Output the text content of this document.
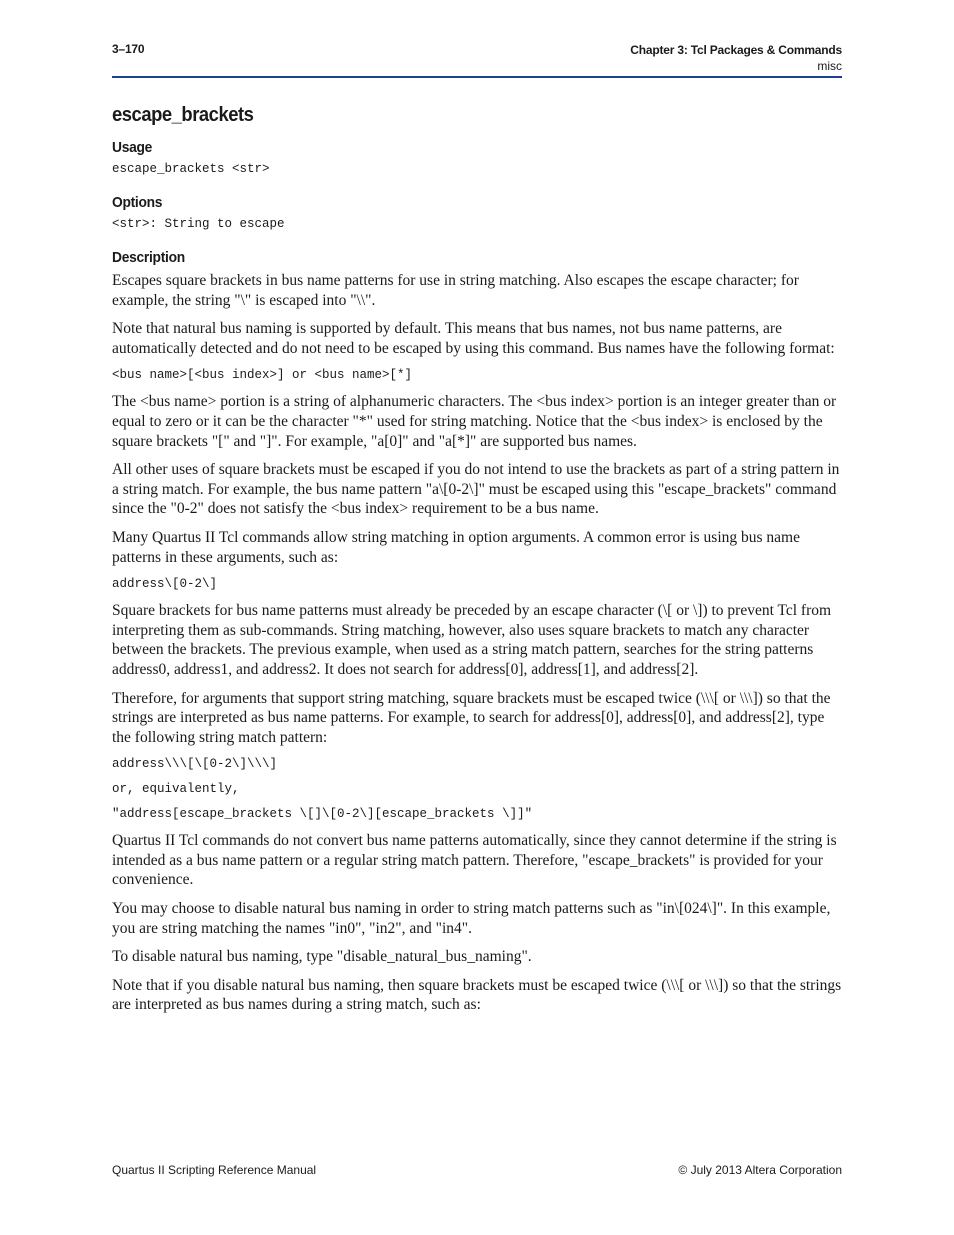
3–170	Chapter 3: Tcl Packages & Commands
misc
escape_brackets
Usage
escape_brackets <str>
Options
<str>: String to escape
Description

Escapes square brackets in bus name patterns for use in string matching. Also escapes the escape character; for example, the string "\" is escaped into "\\".

Note that natural bus naming is supported by default. This means that bus names, not bus name patterns, are automatically detected and do not need to be escaped by using this command. Bus names have the following format:

<bus name>[<bus index>] or <bus name>[*]

The <bus name> portion is a string of alphanumeric characters. The <bus index> portion is an integer greater than or equal to zero or it can be the character "*" used for string matching. Notice that the <bus index> is enclosed by the square brackets "[" and "]". For example, "a[0]" and "a[*]" are supported bus names.

All other uses of square brackets must be escaped if you do not intend to use the brackets as part of a string pattern in a string match. For example, the bus name pattern "a\[0-2\]" must be escaped using this "escape_brackets" command since the "0-2" does not satisfy the <bus index> requirement to be a bus name.

Many Quartus II Tcl commands allow string matching in option arguments. A common error is using bus name patterns in these arguments, such as:

address\[0-2\]

Square brackets for bus name patterns must already be preceded by an escape character (\[ or \]) to prevent Tcl from interpreting them as sub-commands. String matching, however, also uses square brackets to match any character between the brackets. The previous example, when used as a string match pattern, searches for the string patterns address0, address1, and address2. It does not search for address[0], address[1], and address[2].

Therefore, for arguments that support string matching, square brackets must be escaped twice (\\\[ or \\\]) so that the strings are interpreted as bus name patterns. For example, to search for address[0], address[0], and address[2], type the following string match pattern:

address\\\[\[0-2\]\\\]
or, equivalently,
"address[escape_brackets \[]\[0-2\][escape_brackets \]]"

Quartus II Tcl commands do not convert bus name patterns automatically, since they cannot determine if the string is intended as a bus name pattern or a regular string match pattern. Therefore, "escape_brackets" is provided for your convenience.

You may choose to disable natural bus naming in order to string match patterns such as "in\[024\]". In this example, you are string matching the names "in0", "in2", and "in4".

To disable natural bus naming, type "disable_natural_bus_naming".

Note that if you disable natural bus naming, then square brackets must be escaped twice (\\\[ or \\\]) so that the strings are interpreted as bus names during a string match, such as:

Quartus II Scripting Reference Manual	© July 2013 Altera Corporation
